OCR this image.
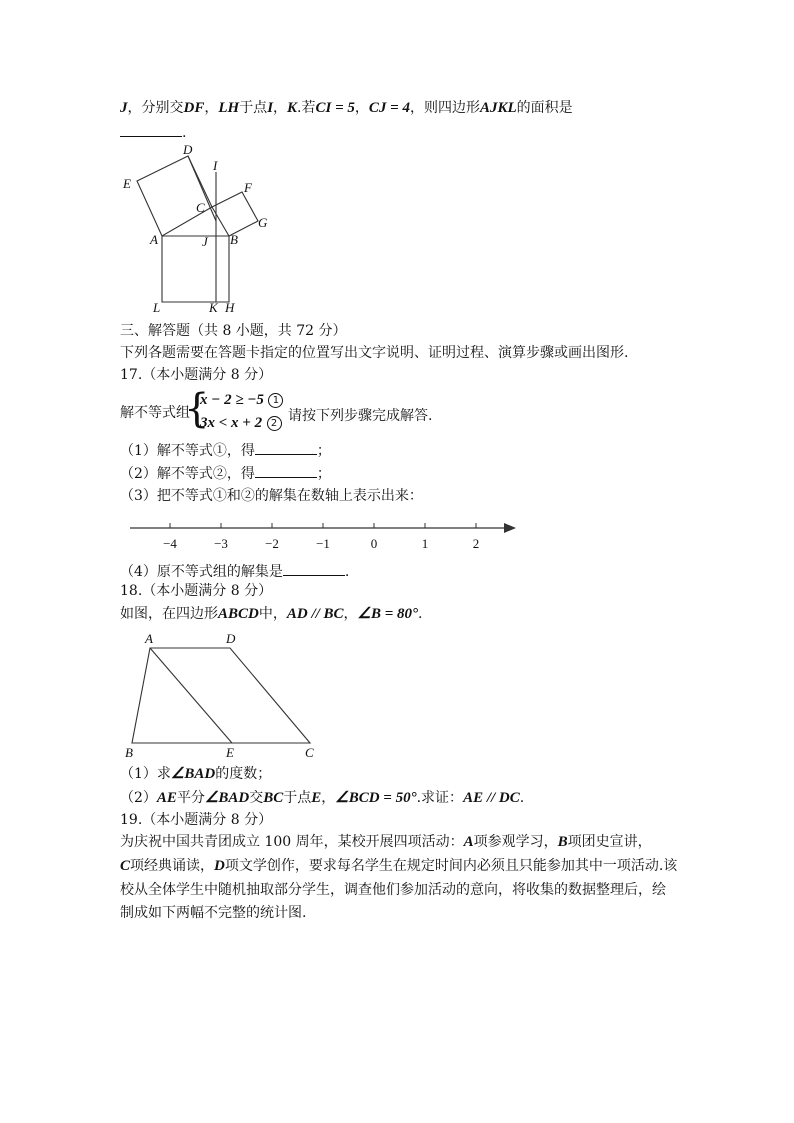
J，分别交DF，LH于点I，K.若CI = 5，CJ = 4，则四边形AJKL的面积是
.
D
I
E	F
C
G
A	J B
L	K H
三、解答题（共 8 小题，共 72 分）
下列各题需要在答题卡指定的位置写出文字说明、证明过程、演算步骤或画出图形.
17.（本小题满分 8 分）
解不等式组
{
x − 2 ≥ −5 1
3x < x + 2 2 请按下列步骤完成解答.
（1）解不等式①，得	；
（2）解不等式②，得	；
（3）把不等式①和②的解集在数轴上表示出来：
−4	−3	−2	−1	0	1	2
（4）原不等式组的解集是	.
18.（本小题满分 8 分）
如图，在四边形ABCD中，AD // BC，∠B = 80°.
A	D
B	E	C
（1）求∠BAD的度数；
（2）AE平分∠BAD交BC于点E，∠BCD = 50°.求证：AE // DC.
19.（本小题满分 8 分）
为庆祝中国共青团成立 100 周年，某校开展四项活动：A项参观学习，B项团史宣讲，
C项经典诵读，D项文学创作，要求每名学生在规定时间内必须且只能参加其中一项活动.该
校从全体学生中随机抽取部分学生，调查他们参加活动的意向，将收集的数据整理后，绘
制成如下两幅不完整的统计图.
